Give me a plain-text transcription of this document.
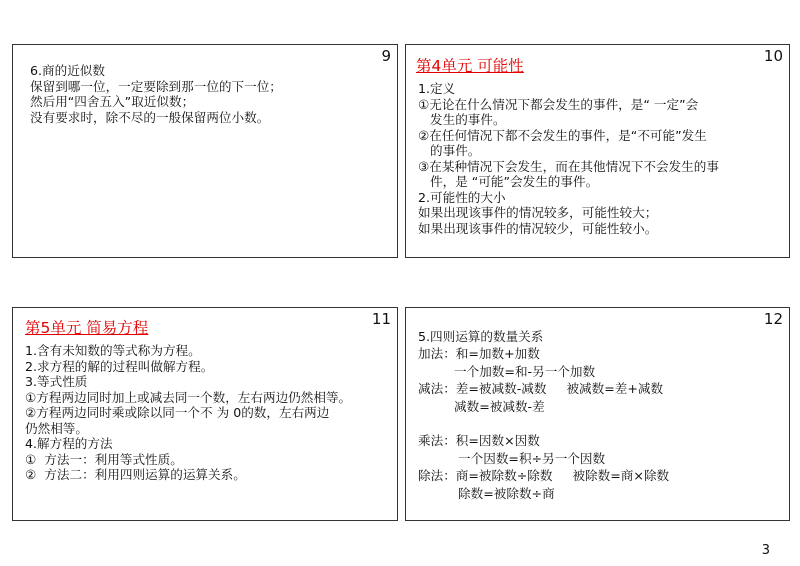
9
6.商的近似数
保留到哪一位，一定要除到那一位的下一位；
然后用“四舍五入”取近似数；
没有要求时，除不尽的一般保留两位小数。
10
第4单元 可能性
1.定义
①无论在什么情况下都会发生的事件，是“ 一定”会
发生的事件。
②在任何情况下都不会发生的事件，是“不可能”发生
的事件。
③在某种情况下会发生，而在其他情况下不会发生的事
件，是 “可能”会发生的事件。
2.可能性的大小
如果出现该事件的情况较多，可能性较大；
如果出现该事件的情况较少，可能性较小。
11
第5单元 简易方程
1.含有未知数的等式称为方程。
2.求方程的解的过程叫做解方程。
3.等式性质
①方程两边同时加上或减去同一个数，左右两边仍然相等。
②方程两边同时乘或除以同一个不 为 0的数，左右两边
仍然相等。
4.解方程的方法
①  方法一：利用等式性质。
②  方法二：利用四则运算的运算关系。
12
5.四则运算的数量关系
加法：和=加数+加数
一个加数=和-另一个加数
减法：差=被减数-减数     被减数=差+减数
减数=被减数-差
乘法：积=因数×因数
一个因数=积÷另一个因数
除法：商=被除数÷除数     被除数=商×除数
除数=被除数÷商
3
